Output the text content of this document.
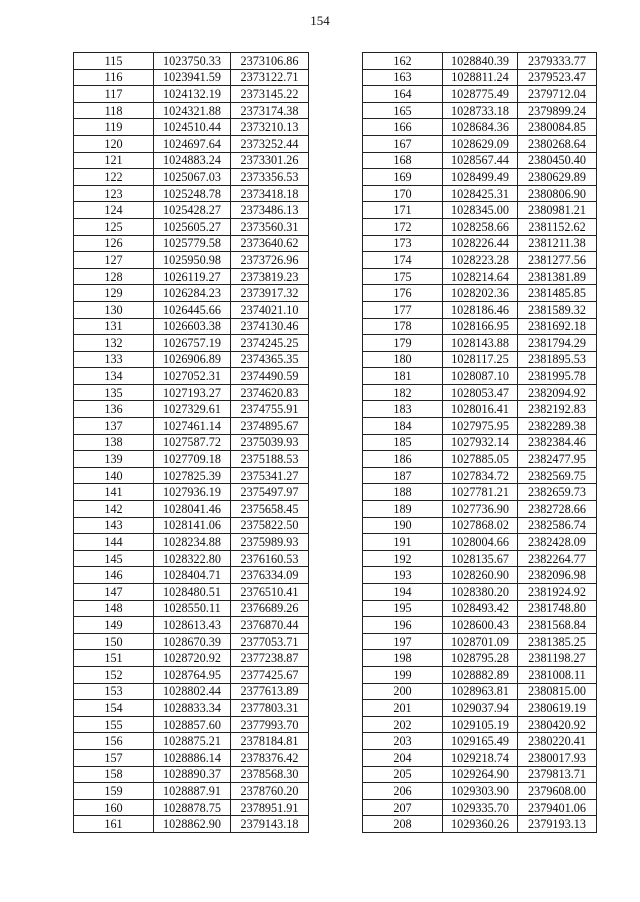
154
115	1023750.33	2373106.86
116	1023941.59	2373122.71
117	1024132.19	2373145.22
118	1024321.88	2373174.38
119	1024510.44	2373210.13
120	1024697.64	2373252.44
121	1024883.24	2373301.26
122	1025067.03	2373356.53
123	1025248.78	2373418.18
124	1025428.27	2373486.13
125	1025605.27	2373560.31
126	1025779.58	2373640.62
127	1025950.98	2373726.96
128	1026119.27	2373819.23
129	1026284.23	2373917.32
130	1026445.66	2374021.10
131	1026603.38	2374130.46
132	1026757.19	2374245.25
133	1026906.89	2374365.35
134	1027052.31	2374490.59
135	1027193.27	2374620.83
136	1027329.61	2374755.91
137	1027461.14	2374895.67
138	1027587.72	2375039.93
139	1027709.18	2375188.53
140	1027825.39	2375341.27
141	1027936.19	2375497.97
142	1028041.46	2375658.45
143	1028141.06	2375822.50
144	1028234.88	2375989.93
145	1028322.80	2376160.53
146	1028404.71	2376334.09
147	1028480.51	2376510.41
148	1028550.11	2376689.26
149	1028613.43	2376870.44
150	1028670.39	2377053.71
151	1028720.92	2377238.87
152	1028764.95	2377425.67
153	1028802.44	2377613.89
154	1028833.34	2377803.31
155	1028857.60	2377993.70
156	1028875.21	2378184.81
157	1028886.14	2378376.42
158	1028890.37	2378568.30
159	1028887.91	2378760.20
160	1028878.75	2378951.91
161	1028862.90	2379143.18
162	1028840.39	2379333.77
163	1028811.24	2379523.47
164	1028775.49	2379712.04
165	1028733.18	2379899.24
166	1028684.36	2380084.85
167	1028629.09	2380268.64
168	1028567.44	2380450.40
169	1028499.49	2380629.89
170	1028425.31	2380806.90
171	1028345.00	2380981.21
172	1028258.66	2381152.62
173	1028226.44	2381211.38
174	1028223.28	2381277.56
175	1028214.64	2381381.89
176	1028202.36	2381485.85
177	1028186.46	2381589.32
178	1028166.95	2381692.18
179	1028143.88	2381794.29
180	1028117.25	2381895.53
181	1028087.10	2381995.78
182	1028053.47	2382094.92
183	1028016.41	2382192.83
184	1027975.95	2382289.38
185	1027932.14	2382384.46
186	1027885.05	2382477.95
187	1027834.72	2382569.75
188	1027781.21	2382659.73
189	1027736.90	2382728.66
190	1027868.02	2382586.74
191	1028004.66	2382428.09
192	1028135.67	2382264.77
193	1028260.90	2382096.98
194	1028380.20	2381924.92
195	1028493.42	2381748.80
196	1028600.43	2381568.84
197	1028701.09	2381385.25
198	1028795.28	2381198.27
199	1028882.89	2381008.11
200	1028963.81	2380815.00
201	1029037.94	2380619.19
202	1029105.19	2380420.92
203	1029165.49	2380220.41
204	1029218.74	2380017.93
205	1029264.90	2379813.71
206	1029303.90	2379608.00
207	1029335.70	2379401.06
208	1029360.26	2379193.13
